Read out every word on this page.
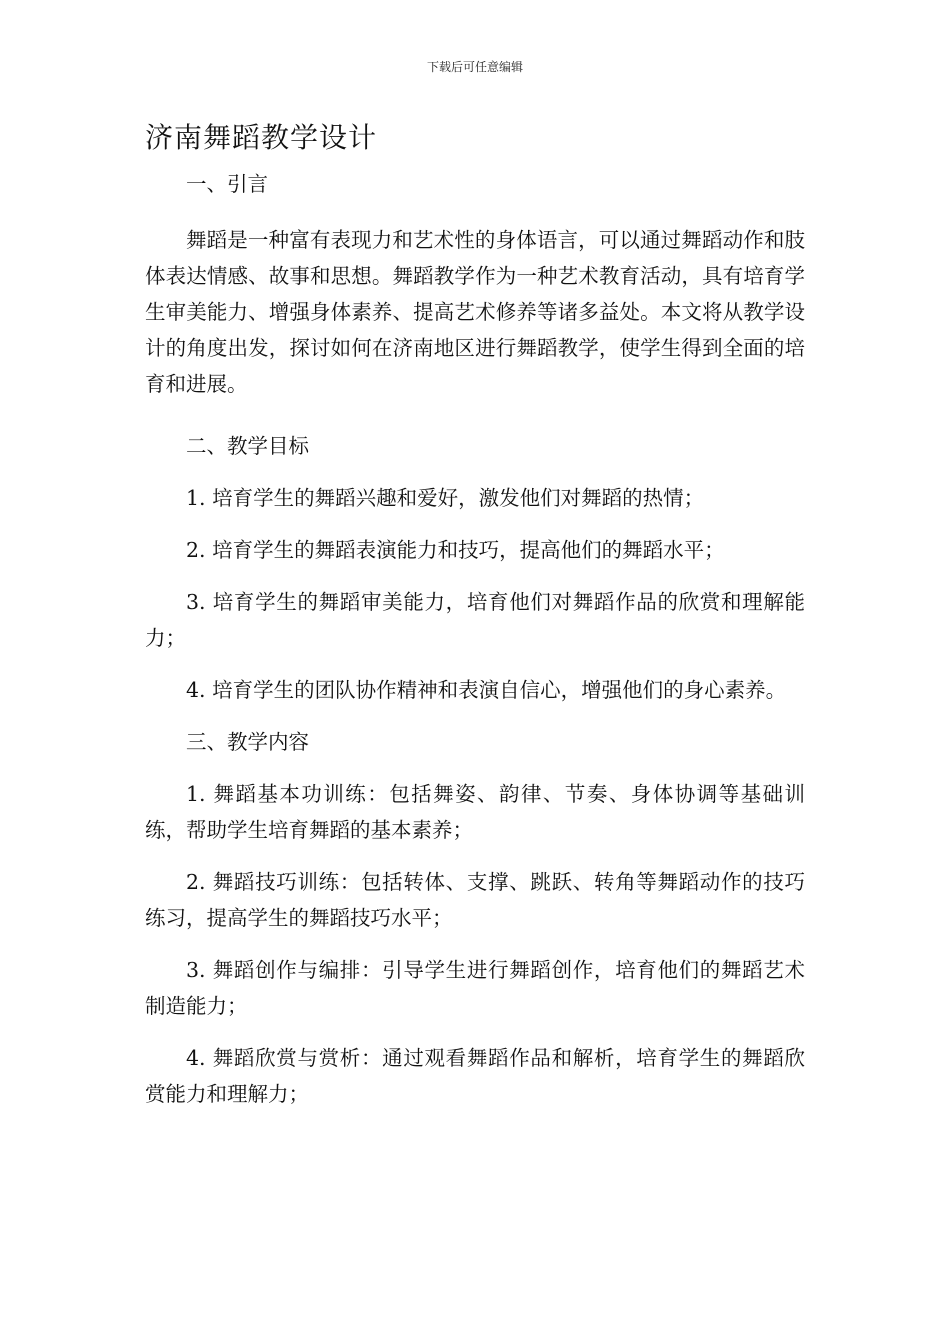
下载后可任意编辑
济南舞蹈教学设计

一、引言

舞蹈是一种富有表现力和艺术性的身体语言，可以通过舞蹈动作和肢体表达情感、故事和思想。舞蹈教学作为一种艺术教育活动，具有培育学生审美能力、增强身体素养、提高艺术修养等诸多益处。本文将从教学设计的角度出发，探讨如何在济南地区进行舞蹈教学，使学生得到全面的培育和进展。

二、教学目标

1. 培育学生的舞蹈兴趣和爱好，激发他们对舞蹈的热情；

2. 培育学生的舞蹈表演能力和技巧，提高他们的舞蹈水平；

3. 培育学生的舞蹈审美能力，培育他们对舞蹈作品的欣赏和理解能力；

4. 培育学生的团队协作精神和表演自信心，增强他们的身心素养。

三、教学内容

1. 舞蹈基本功训练：包括舞姿、韵律、节奏、身体协调等基础训练，帮助学生培育舞蹈的基本素养；

2. 舞蹈技巧训练：包括转体、支撑、跳跃、转角等舞蹈动作的技巧练习，提高学生的舞蹈技巧水平；

3. 舞蹈创作与编排：引导学生进行舞蹈创作，培育他们的舞蹈艺术制造能力；

4. 舞蹈欣赏与赏析：通过观看舞蹈作品和解析，培育学生的舞蹈欣赏能力和理解力；
